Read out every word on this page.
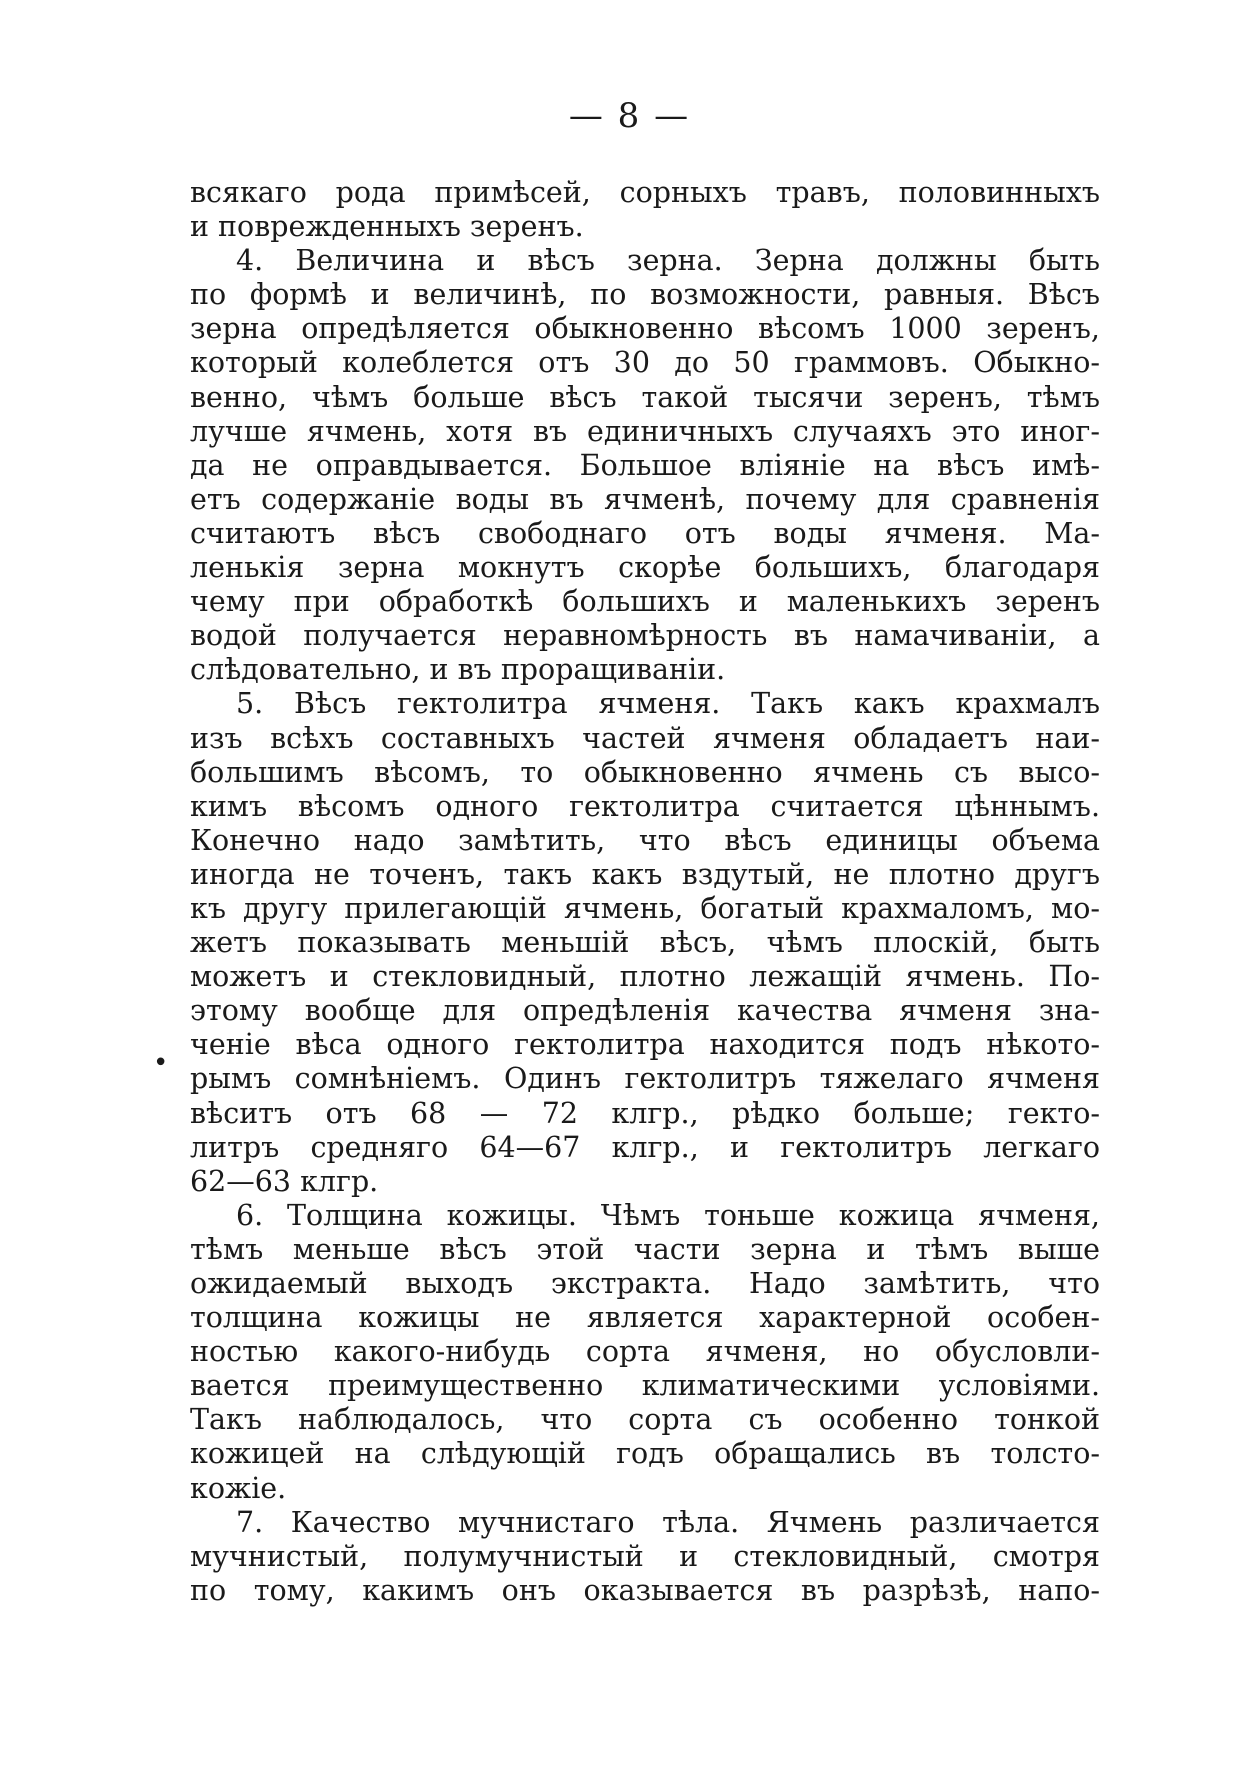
— 8 —
•
всякаго рода примѣсей, сорныхъ травъ, половинныхъ
и поврежденныхъ зеренъ.
4. Величина и вѣсъ зерна. Зерна должны быть
по формѣ и величинѣ, по возможности, равныя. Вѣсъ
зерна опредѣляется обыкновенно вѣсомъ 1000 зеренъ,
который колеблется отъ 30 до 50 граммовъ. Обыкно-
венно, чѣмъ больше вѣсъ такой тысячи зеренъ, тѣмъ
лучше ячмень, хотя въ единичныхъ случаяхъ это иног-
да не оправдывается. Большое вліяніе на вѣсъ имѣ-
етъ содержаніе воды въ ячменѣ, почему для сравненія
считаютъ вѣсъ свободнаго отъ воды ячменя. Ма-
ленькія зерна мокнутъ скорѣе большихъ, благодаря
чему при обработкѣ большихъ и маленькихъ зеренъ
водой получается неравномѣрность въ намачиваніи, а
слѣдовательно, и въ проращиваніи.
5. Вѣсъ гектолитра ячменя. Такъ какъ крахмалъ
изъ всѣхъ составныхъ частей ячменя обладаетъ наи-
большимъ вѣсомъ, то обыкновенно ячмень съ высо-
кимъ вѣсомъ одного гектолитра считается цѣннымъ.
Конечно надо замѣтить, что вѣсъ единицы объема
иногда не точенъ, такъ какъ вздутый, не плотно другъ
къ другу прилегающій ячмень, богатый крахмаломъ, мо-
жетъ показывать меньшій вѣсъ, чѣмъ плоскій, быть
можетъ и стекловидный, плотно лежащій ячмень. По-
этому вообще для опредѣленія качества ячменя зна-
ченіе вѣса одного гектолитра находится подъ нѣкото-
рымъ сомнѣніемъ. Одинъ гектолитръ тяжелаго ячменя
вѣситъ отъ 68 — 72 клгр., рѣдко больше; гекто-
литръ средняго 64—67 клгр., и гектолитръ легкаго
62—63 клгр.
6. Толщина кожицы. Чѣмъ тоньше кожица ячменя,
тѣмъ меньше вѣсъ этой части зерна и тѣмъ выше
ожидаемый выходъ экстракта. Надо замѣтить, что
толщина кожицы не является характерной особен-
ностью какого-нибудь сорта ячменя, но обусловли-
вается преимущественно климатическими условіями.
Такъ наблюдалось, что сорта съ особенно тонкой
кожицей на слѣдующій годъ обращались въ толсто-
кожіе.
7. Качество мучнистаго тѣла. Ячмень различается
мучнистый, полумучнистый и стекловидный, смотря
по тому, какимъ онъ оказывается въ разрѣзѣ, напо-
